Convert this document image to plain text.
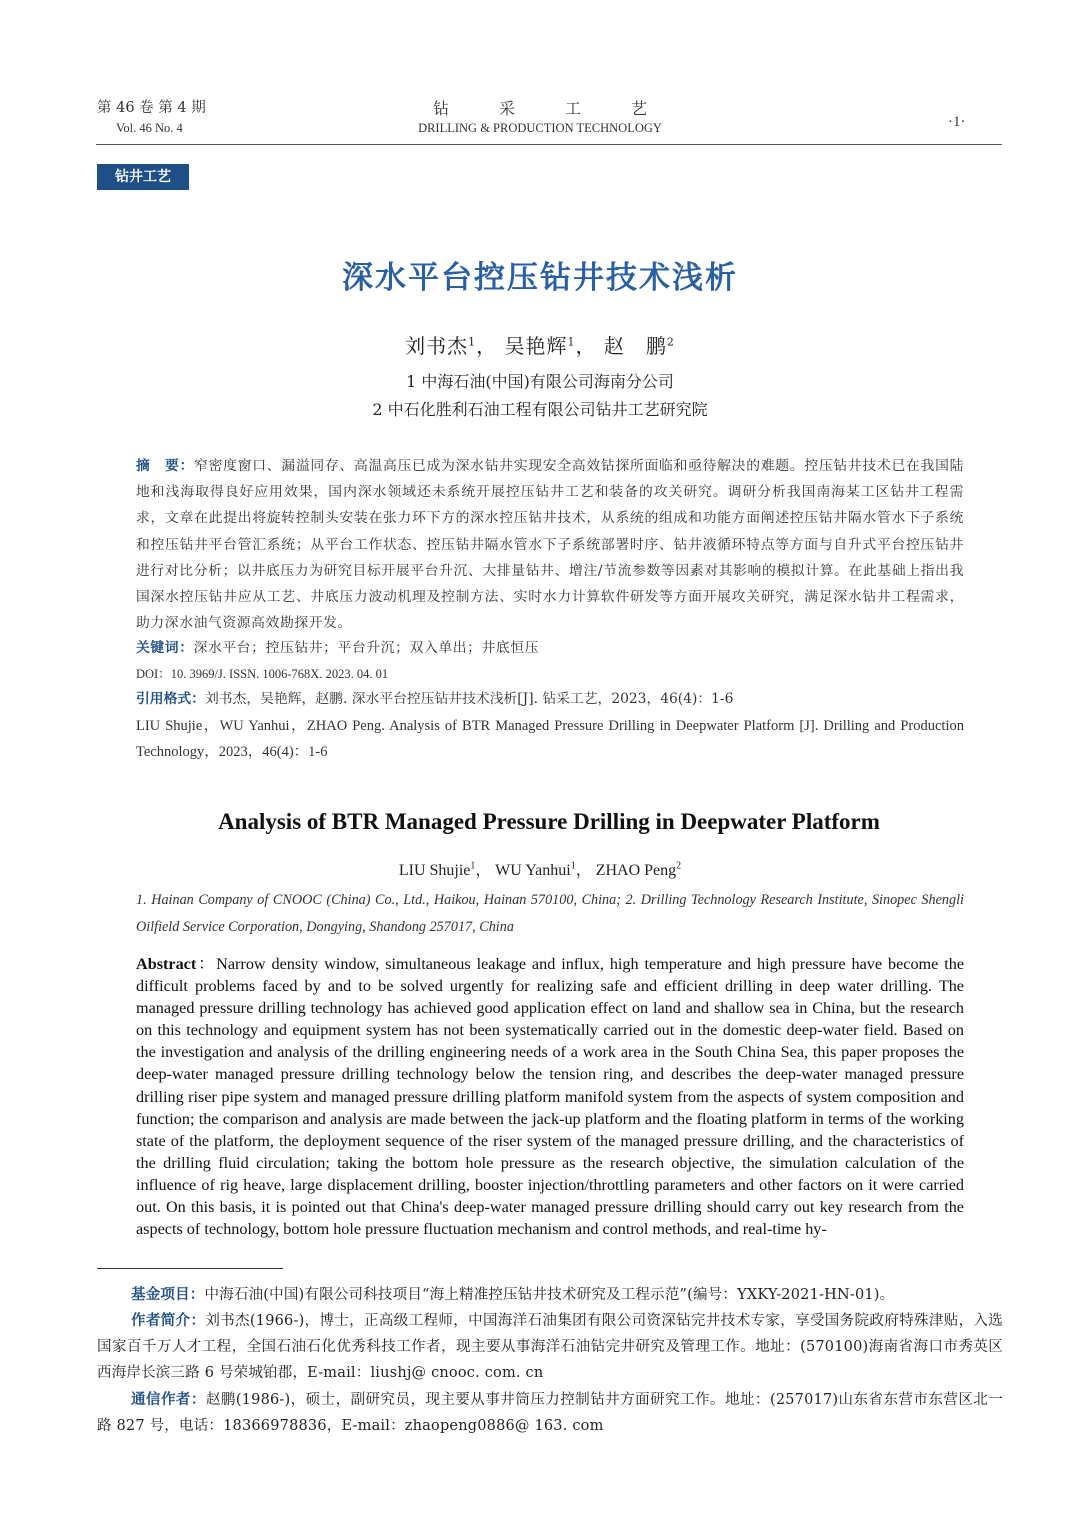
第 46 卷 第 4 期
Vol. 46 No. 4
钻采工艺
DRILLING & PRODUCTION TECHNOLOGY	·1·
钻井工艺
深水平台控压钻井技术浅析
刘书杰$^1$， 吴艳辉$^1$， 赵　鹏$^2$
1 中海石油(中国)有限公司海南分公司
2 中石化胜利石油工程有限公司钻井工艺研究院
摘　要：窄密度窗口、漏溢同存、高温高压已成为深水钻井实现安全高效钻探所面临和亟待解决的难题。控压钻井技术已在我国陆地和浅海取得良好应用效果，国内深水领域还未系统开展控压钻井工艺和装备的攻关研究。调研分析我国南海某工区钻井工程需求，文章在此提出将旋转控制头安装在张力环下方的深水控压钻井技术，从系统的组成和功能方面阐述控压钻井隔水管水下子系统和控压钻井平台管汇系统；从平台工作状态、控压钻井隔水管水下子系统部署时序、钻井液循环特点等方面与自升式平台控压钻井进行对比分析；以井底压力为研究目标开展平台升沉、大排量钻井、增注/节流参数等因素对其影响的模拟计算。在此基础上指出我国深水控压钻井应从工艺、井底压力波动机理及控制方法、实时水力计算软件研发等方面开展攻关研究，满足深水钻井工程需求，助力深水油气资源高效勘探开发。
关键词：深水平台；控压钻井；平台升沉；双入单出；井底恒压
DOI：10. 3969/J. ISSN. 1006-768X. 2023. 04. 01
引用格式：刘书杰，吴艳辉，赵鹏. 深水平台控压钻井技术浅析[J]. 钻采工艺，2023，46(4)：1-6
LIU Shujie，WU Yanhui，ZHAO Peng. Analysis of BTR Managed Pressure Drilling in Deepwater Platform [J]. Drilling and Production Technology，2023，46(4)：1-6
Analysis of BTR Managed Pressure Drilling in Deepwater Platform
LIU Shujie$^1$， WU Yanhui$^1$， ZHAO Peng$^2$
1. Hainan Company of CNOOC (China) Co., Ltd., Haikou, Hainan 570100, China; 2. Drilling Technology Research Institute, Sinopec Shengli Oilfield Service Corporation, Dongying, Shandong 257017, China
Abstract：Narrow density window, simultaneous leakage and influx, high temperature and high pressure have become the difficult problems faced by and to be solved urgently for realizing safe and efficient drilling in deep water drilling. The managed pressure drilling technology has achieved good application effect on land and shallow sea in China, but the research on this technology and equipment system has not been systematically carried out in the domestic deep-water field. Based on the investigation and analysis of the drilling engineering needs of a work area in the South China Sea, this paper proposes the deep-water managed pressure drilling technology below the tension ring, and describes the deep-water managed pressure drilling riser pipe system and managed pressure drilling platform manifold system from the aspects of system composition and function; the comparison and analysis are made between the jack-up platform and the floating platform in terms of the working state of the platform, the deployment sequence of the riser system of the managed pressure drilling, and the characteristics of the drilling fluid circulation; taking the bottom hole pressure as the research objective, the simulation calculation of the influence of rig heave, large displacement drilling, booster injection/throttling parameters and other factors on it were carried out. On this basis, it is pointed out that China's deep-water managed pressure drilling should carry out key research from the aspects of technology, bottom hole pressure fluctuation mechanism and control methods, and real-time hy-
基金项目：中海石油(中国)有限公司科技项目“海上精准控压钻井技术研究及工程示范”(编号：YXKY-2021-HN-01)。
作者简介：刘书杰(1966-)，博士，正高级工程师，中国海洋石油集团有限公司资深钻完井技术专家，享受国务院政府特殊津贴，入选国家百千万人才工程，全国石油石化优秀科技工作者，现主要从事海洋石油钻完井研究及管理工作。地址：(570100)海南省海口市秀英区西海岸长滨三路 6 号荣城铂郡，E-mail：liushj@ cnooc. com. cn
通信作者：赵鹏(1986-)，硕士，副研究员，现主要从事井筒压力控制钻井方面研究工作。地址：(257017)山东省东营市东营区北一路 827 号，电话：18366978836，E-mail：zhaopeng0886@ 163. com
